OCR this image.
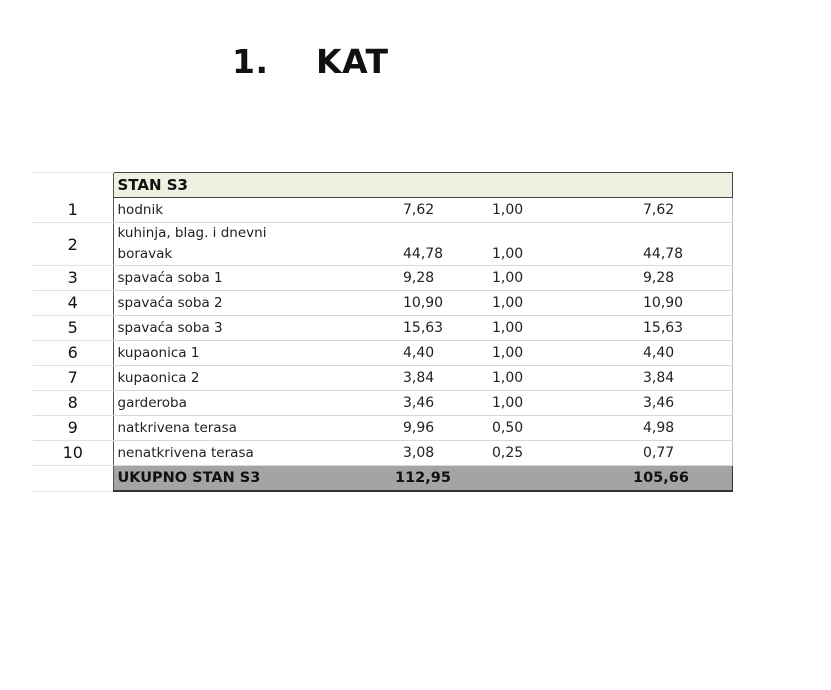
1. KAT
	STAN S3			
1	hodnik	7,62	1,00	7,62
2	kuhinja, blag. i dnevni
boravak	44,78	1,00	44,78
3	spavaća soba 1	9,28	1,00	9,28
4	spavaća soba 2	10,90	1,00	10,90
5	spavaća soba 3	15,63	1,00	15,63
6	kupaonica 1	4,40	1,00	4,40
7	kupaonica 2	3,84	1,00	3,84
8	garderoba	3,46	1,00	3,46
9	natkrivena terasa	9,96	0,50	4,98
10	nenatkrivena terasa	3,08	0,25	0,77
	UKUPNO STAN S3	112,95		105,66
